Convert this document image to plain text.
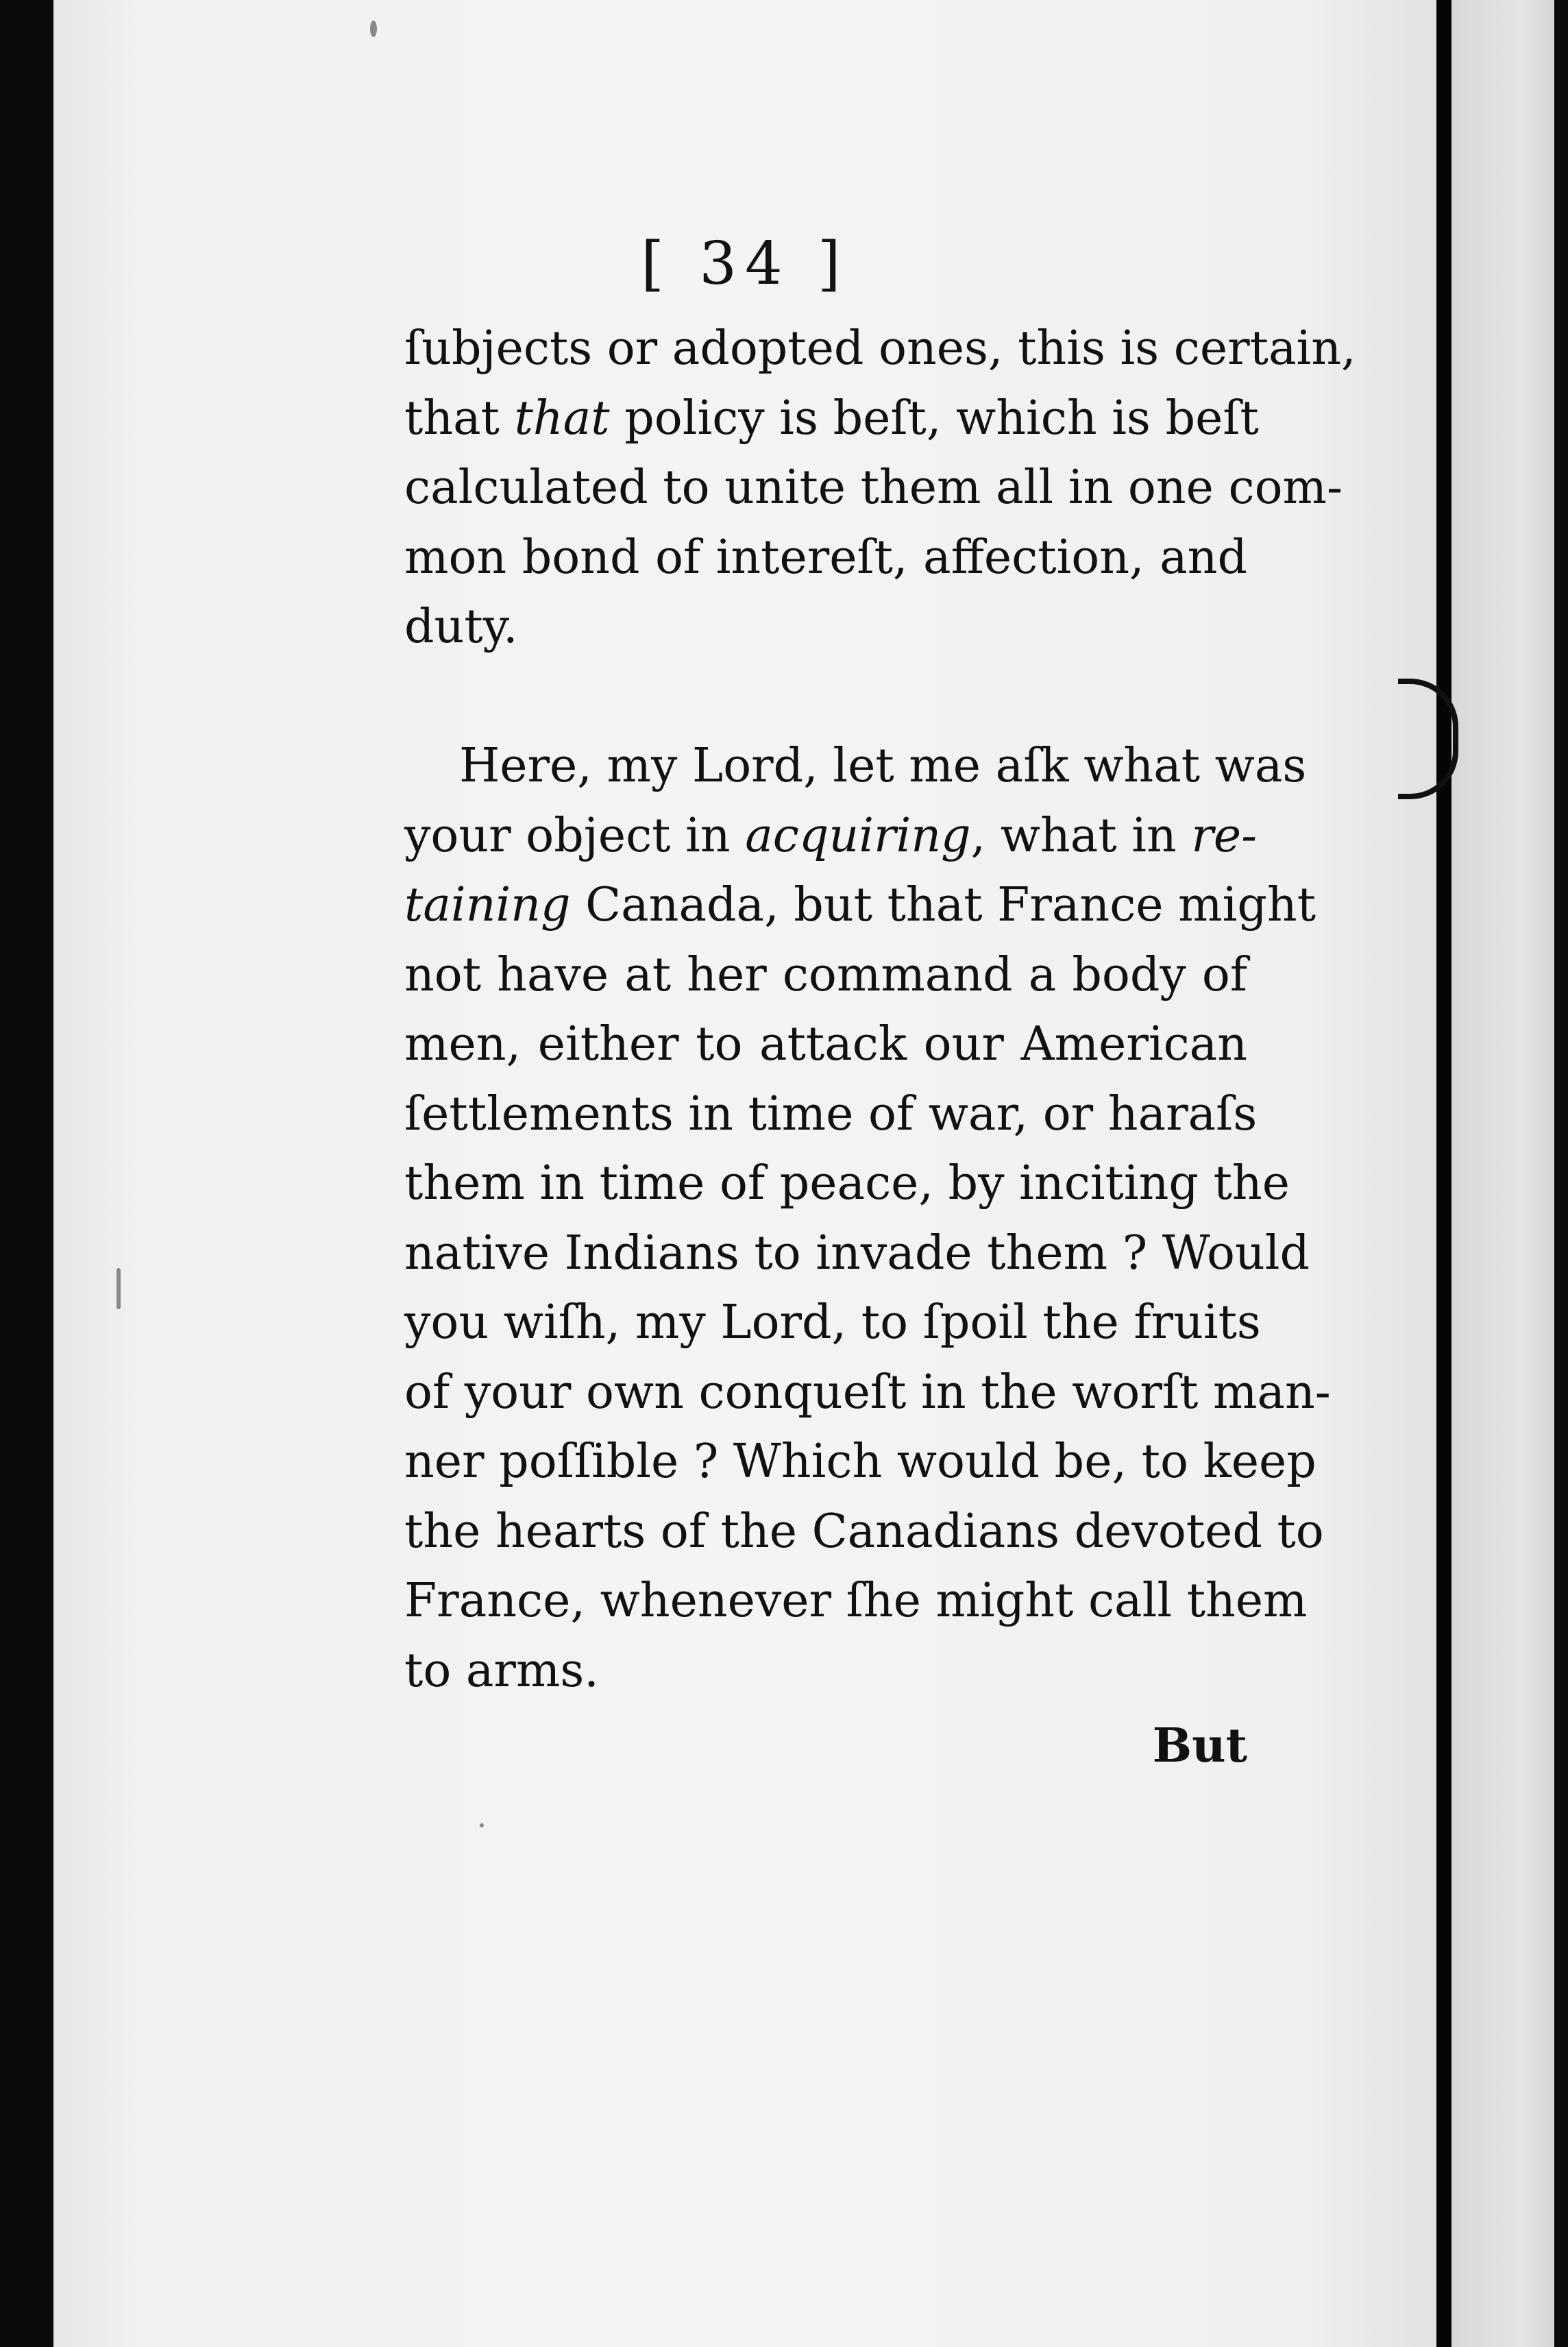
[ 34 ]
ſubjects or adopted ones, this is certain,
that that policy is beſt, which is beſt
calculated to unite them all in one com-
mon bond of intereſt, affection, and
duty.
Here, my Lord, let me aſk what was
your object in acquiring, what in re-
taining Canada, but that France might
not have at her command a body of
men, either to attack our American
ſettlements in time of war, or haraſs
them in time of peace, by inciting the
native Indians to invade them ? Would
you wiſh, my Lord, to ſpoil the fruits
of your own conqueſt in the worſt man-
ner poſſible ? Which would be, to keep
the hearts of the Canadians devoted to
France, whenever ſhe might call them
to arms.
But
